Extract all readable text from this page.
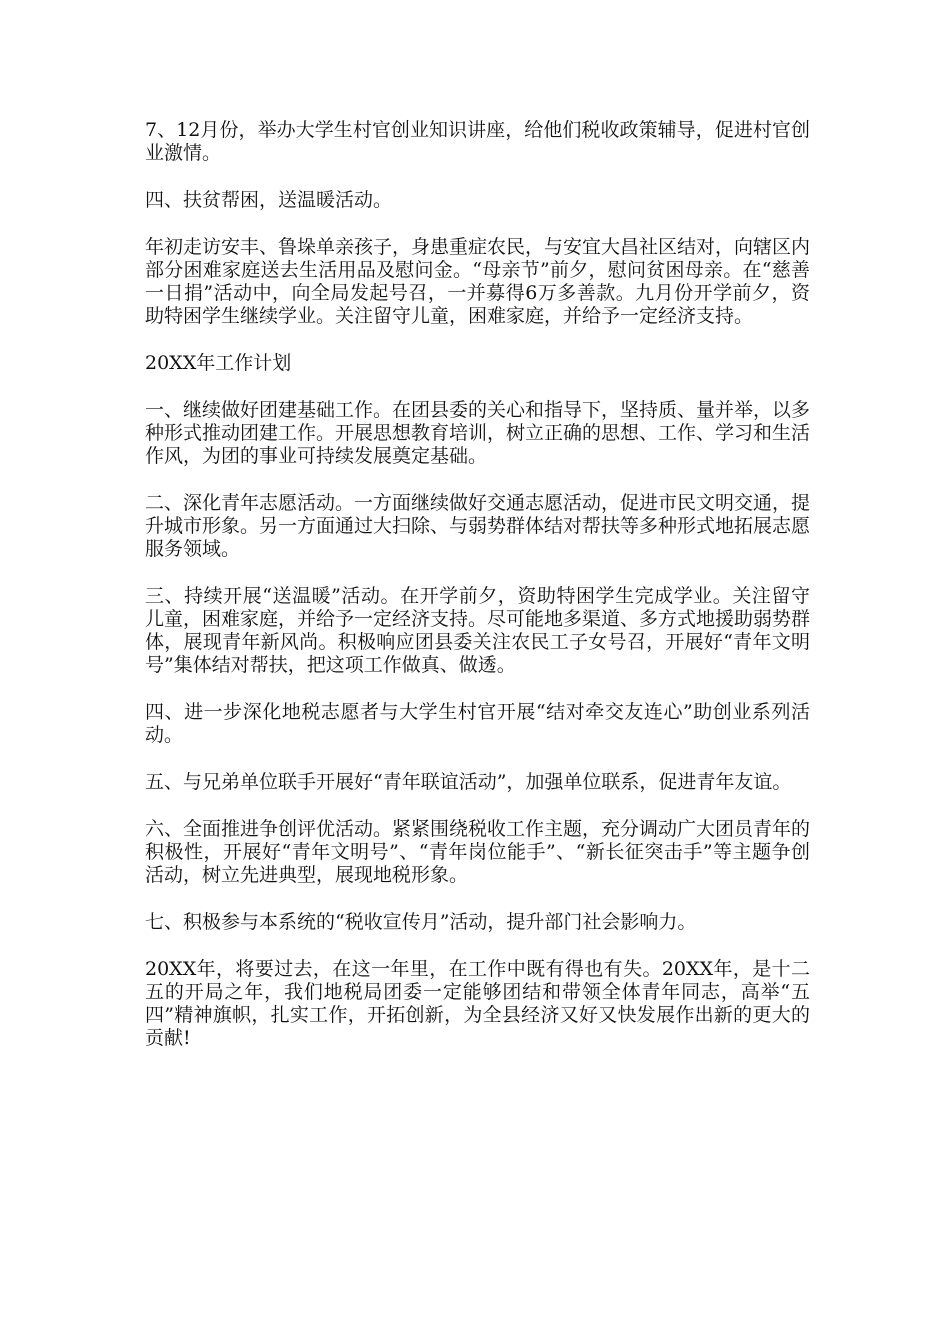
7、12月份，举办大学生村官创业知识讲座，给他们税收政策辅导，促进村官创业激情。

四、扶贫帮困，送温暖活动。

年初走访安丰、鲁垛单亲孩子，身患重症农民，与安宜大昌社区结对，向辖区内部分困难家庭送去生活用品及慰问金。“母亲节”前夕，慰问贫困母亲。在“慈善一日捐”活动中，向全局发起号召，一并募得6万多善款。九月份开学前夕，资助特困学生继续学业。关注留守儿童，困难家庭，并给予一定经济支持。

20XX年工作计划

一、继续做好团建基础工作。在团县委的关心和指导下，坚持质、量并举，以多种形式推动团建工作。开展思想教育培训，树立正确的思想、工作、学习和生活作风，为团的事业可持续发展奠定基础。

二、深化青年志愿活动。一方面继续做好交通志愿活动，促进市民文明交通，提升城市形象。另一方面通过大扫除、与弱势群体结对帮扶等多种形式地拓展志愿服务领域。

三、持续开展“送温暖”活动。在开学前夕，资助特困学生完成学业。关注留守儿童，困难家庭，并给予一定经济支持。尽可能地多渠道、多方式地援助弱势群体，展现青年新风尚。积极响应团县委关注农民工子女号召，开展好“青年文明号”集体结对帮扶，把这项工作做真、做透。

四、进一步深化地税志愿者与大学生村官开展“结对牵交友连心”助创业系列活动。

五、与兄弟单位联手开展好“青年联谊活动”，加强单位联系，促进青年友谊。

六、全面推进争创评优活动。紧紧围绕税收工作主题，充分调动广大团员青年的积极性，开展好“青年文明号”、“青年岗位能手”、“新长征突击手”等主题争创活动，树立先进典型，展现地税形象。

七、积极参与本系统的“税收宣传月”活动，提升部门社会影响力。

20XX年，将要过去，在这一年里，在工作中既有得也有失。20XX年，是十二五的开局之年，我们地税局团委一定能够团结和带领全体青年同志，高举“五四”精神旗帜，扎实工作，开拓创新，为全县经济又好又快发展作出新的更大的贡献!
